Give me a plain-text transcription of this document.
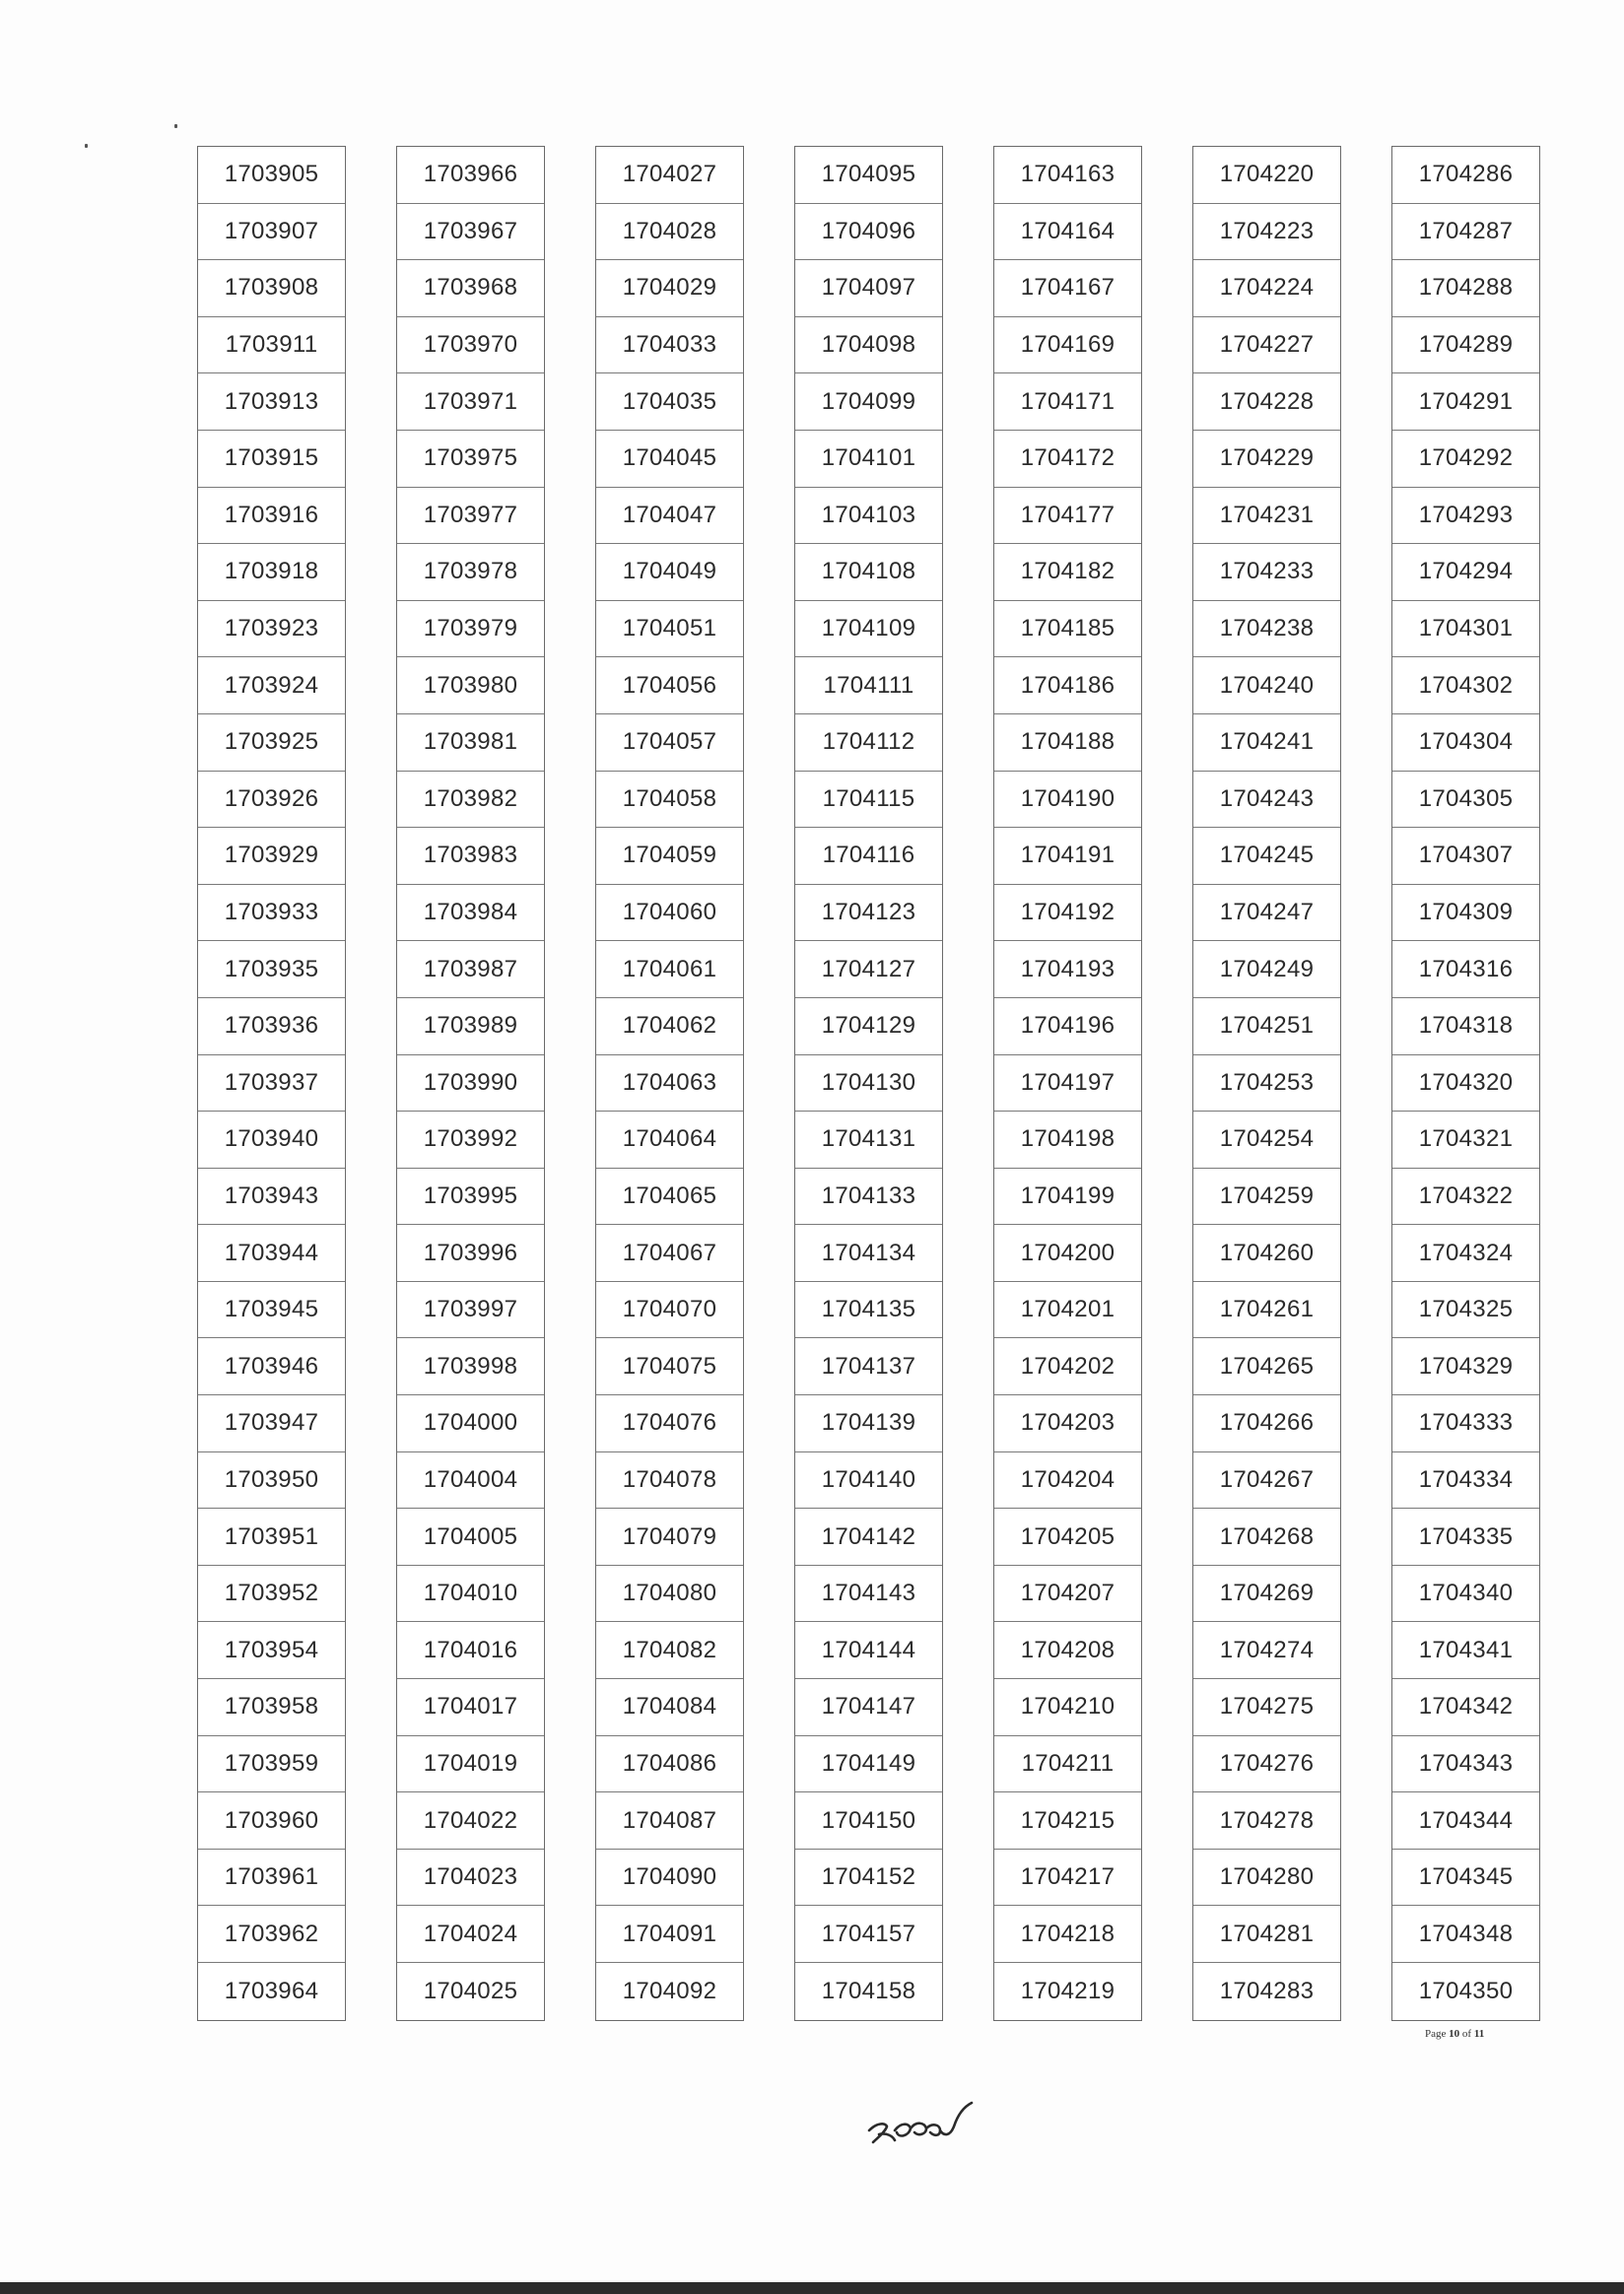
1703905
1703907
1703908
1703911
1703913
1703915
1703916
1703918
1703923
1703924
1703925
1703926
1703929
1703933
1703935
1703936
1703937
1703940
1703943
1703944
1703945
1703946
1703947
1703950
1703951
1703952
1703954
1703958
1703959
1703960
1703961
1703962
1703964
1703966
1703967
1703968
1703970
1703971
1703975
1703977
1703978
1703979
1703980
1703981
1703982
1703983
1703984
1703987
1703989
1703990
1703992
1703995
1703996
1703997
1703998
1704000
1704004
1704005
1704010
1704016
1704017
1704019
1704022
1704023
1704024
1704025
1704027
1704028
1704029
1704033
1704035
1704045
1704047
1704049
1704051
1704056
1704057
1704058
1704059
1704060
1704061
1704062
1704063
1704064
1704065
1704067
1704070
1704075
1704076
1704078
1704079
1704080
1704082
1704084
1704086
1704087
1704090
1704091
1704092
1704095
1704096
1704097
1704098
1704099
1704101
1704103
1704108
1704109
1704111
1704112
1704115
1704116
1704123
1704127
1704129
1704130
1704131
1704133
1704134
1704135
1704137
1704139
1704140
1704142
1704143
1704144
1704147
1704149
1704150
1704152
1704157
1704158
1704163
1704164
1704167
1704169
1704171
1704172
1704177
1704182
1704185
1704186
1704188
1704190
1704191
1704192
1704193
1704196
1704197
1704198
1704199
1704200
1704201
1704202
1704203
1704204
1704205
1704207
1704208
1704210
1704211
1704215
1704217
1704218
1704219
1704220
1704223
1704224
1704227
1704228
1704229
1704231
1704233
1704238
1704240
1704241
1704243
1704245
1704247
1704249
1704251
1704253
1704254
1704259
1704260
1704261
1704265
1704266
1704267
1704268
1704269
1704274
1704275
1704276
1704278
1704280
1704281
1704283
1704286
1704287
1704288
1704289
1704291
1704292
1704293
1704294
1704301
1704302
1704304
1704305
1704307
1704309
1704316
1704318
1704320
1704321
1704322
1704324
1704325
1704329
1704333
1704334
1704335
1704340
1704341
1704342
1704343
1704344
1704345
1704348
1704350
Page 10 of 11
